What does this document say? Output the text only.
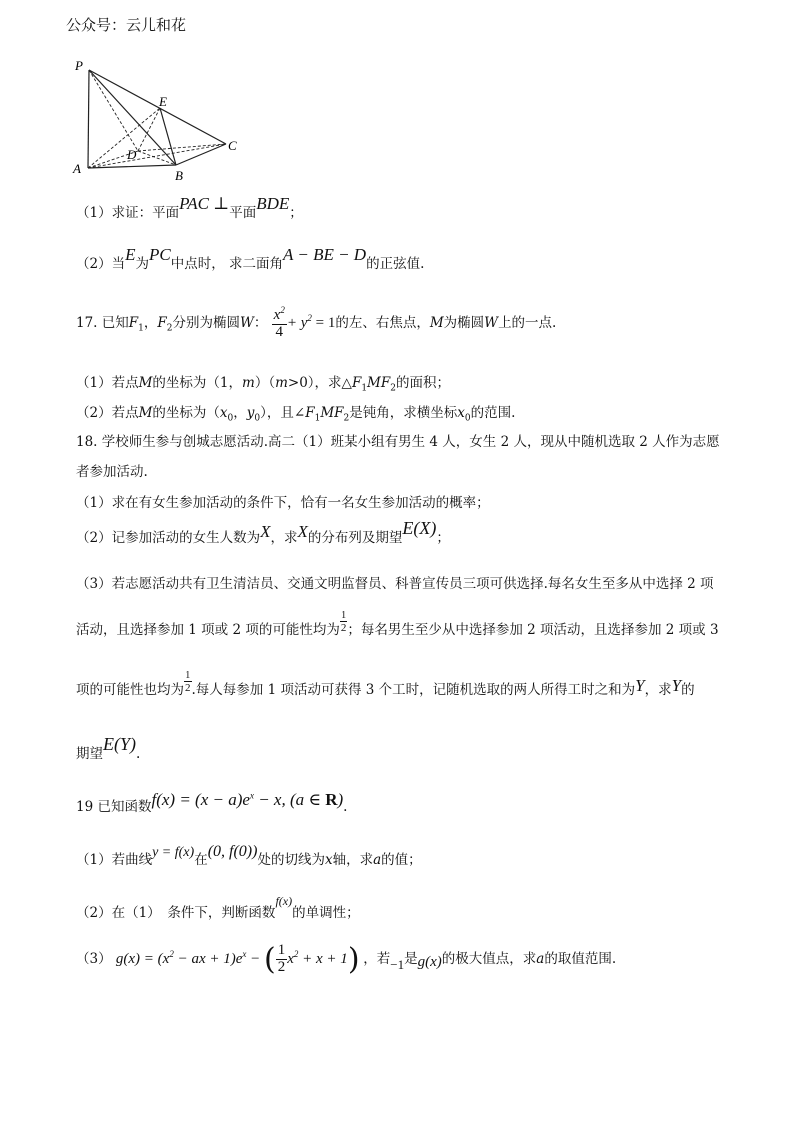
公众号：云儿和花
P
E
D
C
A	B
（1）求证：平面PAC ⊥平面BDE；
（2）当E为PC中点时， 求二面角A − BE − D的正弦值.
17. 已知$F_1$，$F_2$分别为椭圆W： $\frac{x^2}{4} + y^2 = 1$的左、右焦点，M为椭圆W上的一点.
（1）若点M的坐标为（1，m）（m>0），求$\triangle F_1MF_2$的面积；
（2）若点M的坐标为（$x_0$，$y_0$），且$\angle F_1MF_2$是钝角，求横坐标$x_0$的范围.
18. 学校师生参与创城志愿活动.高二（1）班某小组有男生 4 人，女生 2 人，现从中随机选取 2 人作为志愿
者参加活动.
（1）求在有女生参加活动的条件下，恰有一名女生参加活动的概率；
（2）记参加活动的女生人数为X，求X的分布列及期望E(X)；
（3）若志愿活动共有卫生清洁员、交通文明监督员、科普宣传员三项可供选择.每名女生至多从中选择 2 项
活动，且选择参加 1 项或 2 项的可能性均为 $\frac{1}{2}$ ；每名男生至少从中选择参加 2 项活动，且选择参加 2 项或 3
项的可能性也均为 $\frac{1}{2}$ .每人每参加 1 项活动可获得 3 个工时，记随机选取的两人所得工时之和为Y，求Y的
期望E(Y).
19 已知函数$f(x) = (x - a)e^x - x$, (a ∈ R).
（1）若曲线y = f(x)在(0, f(0))处的切线为x轴，求a的值；
（2）在（1）　条件下，判断函数f(x)的单调性；
（3） $g(x) = (x^2$ − ax + $1)e^x$ − ( $\frac{1}{2} x^2 + x + 1$) ，若−1是g(x)的极大值点，求a的取值范围.
